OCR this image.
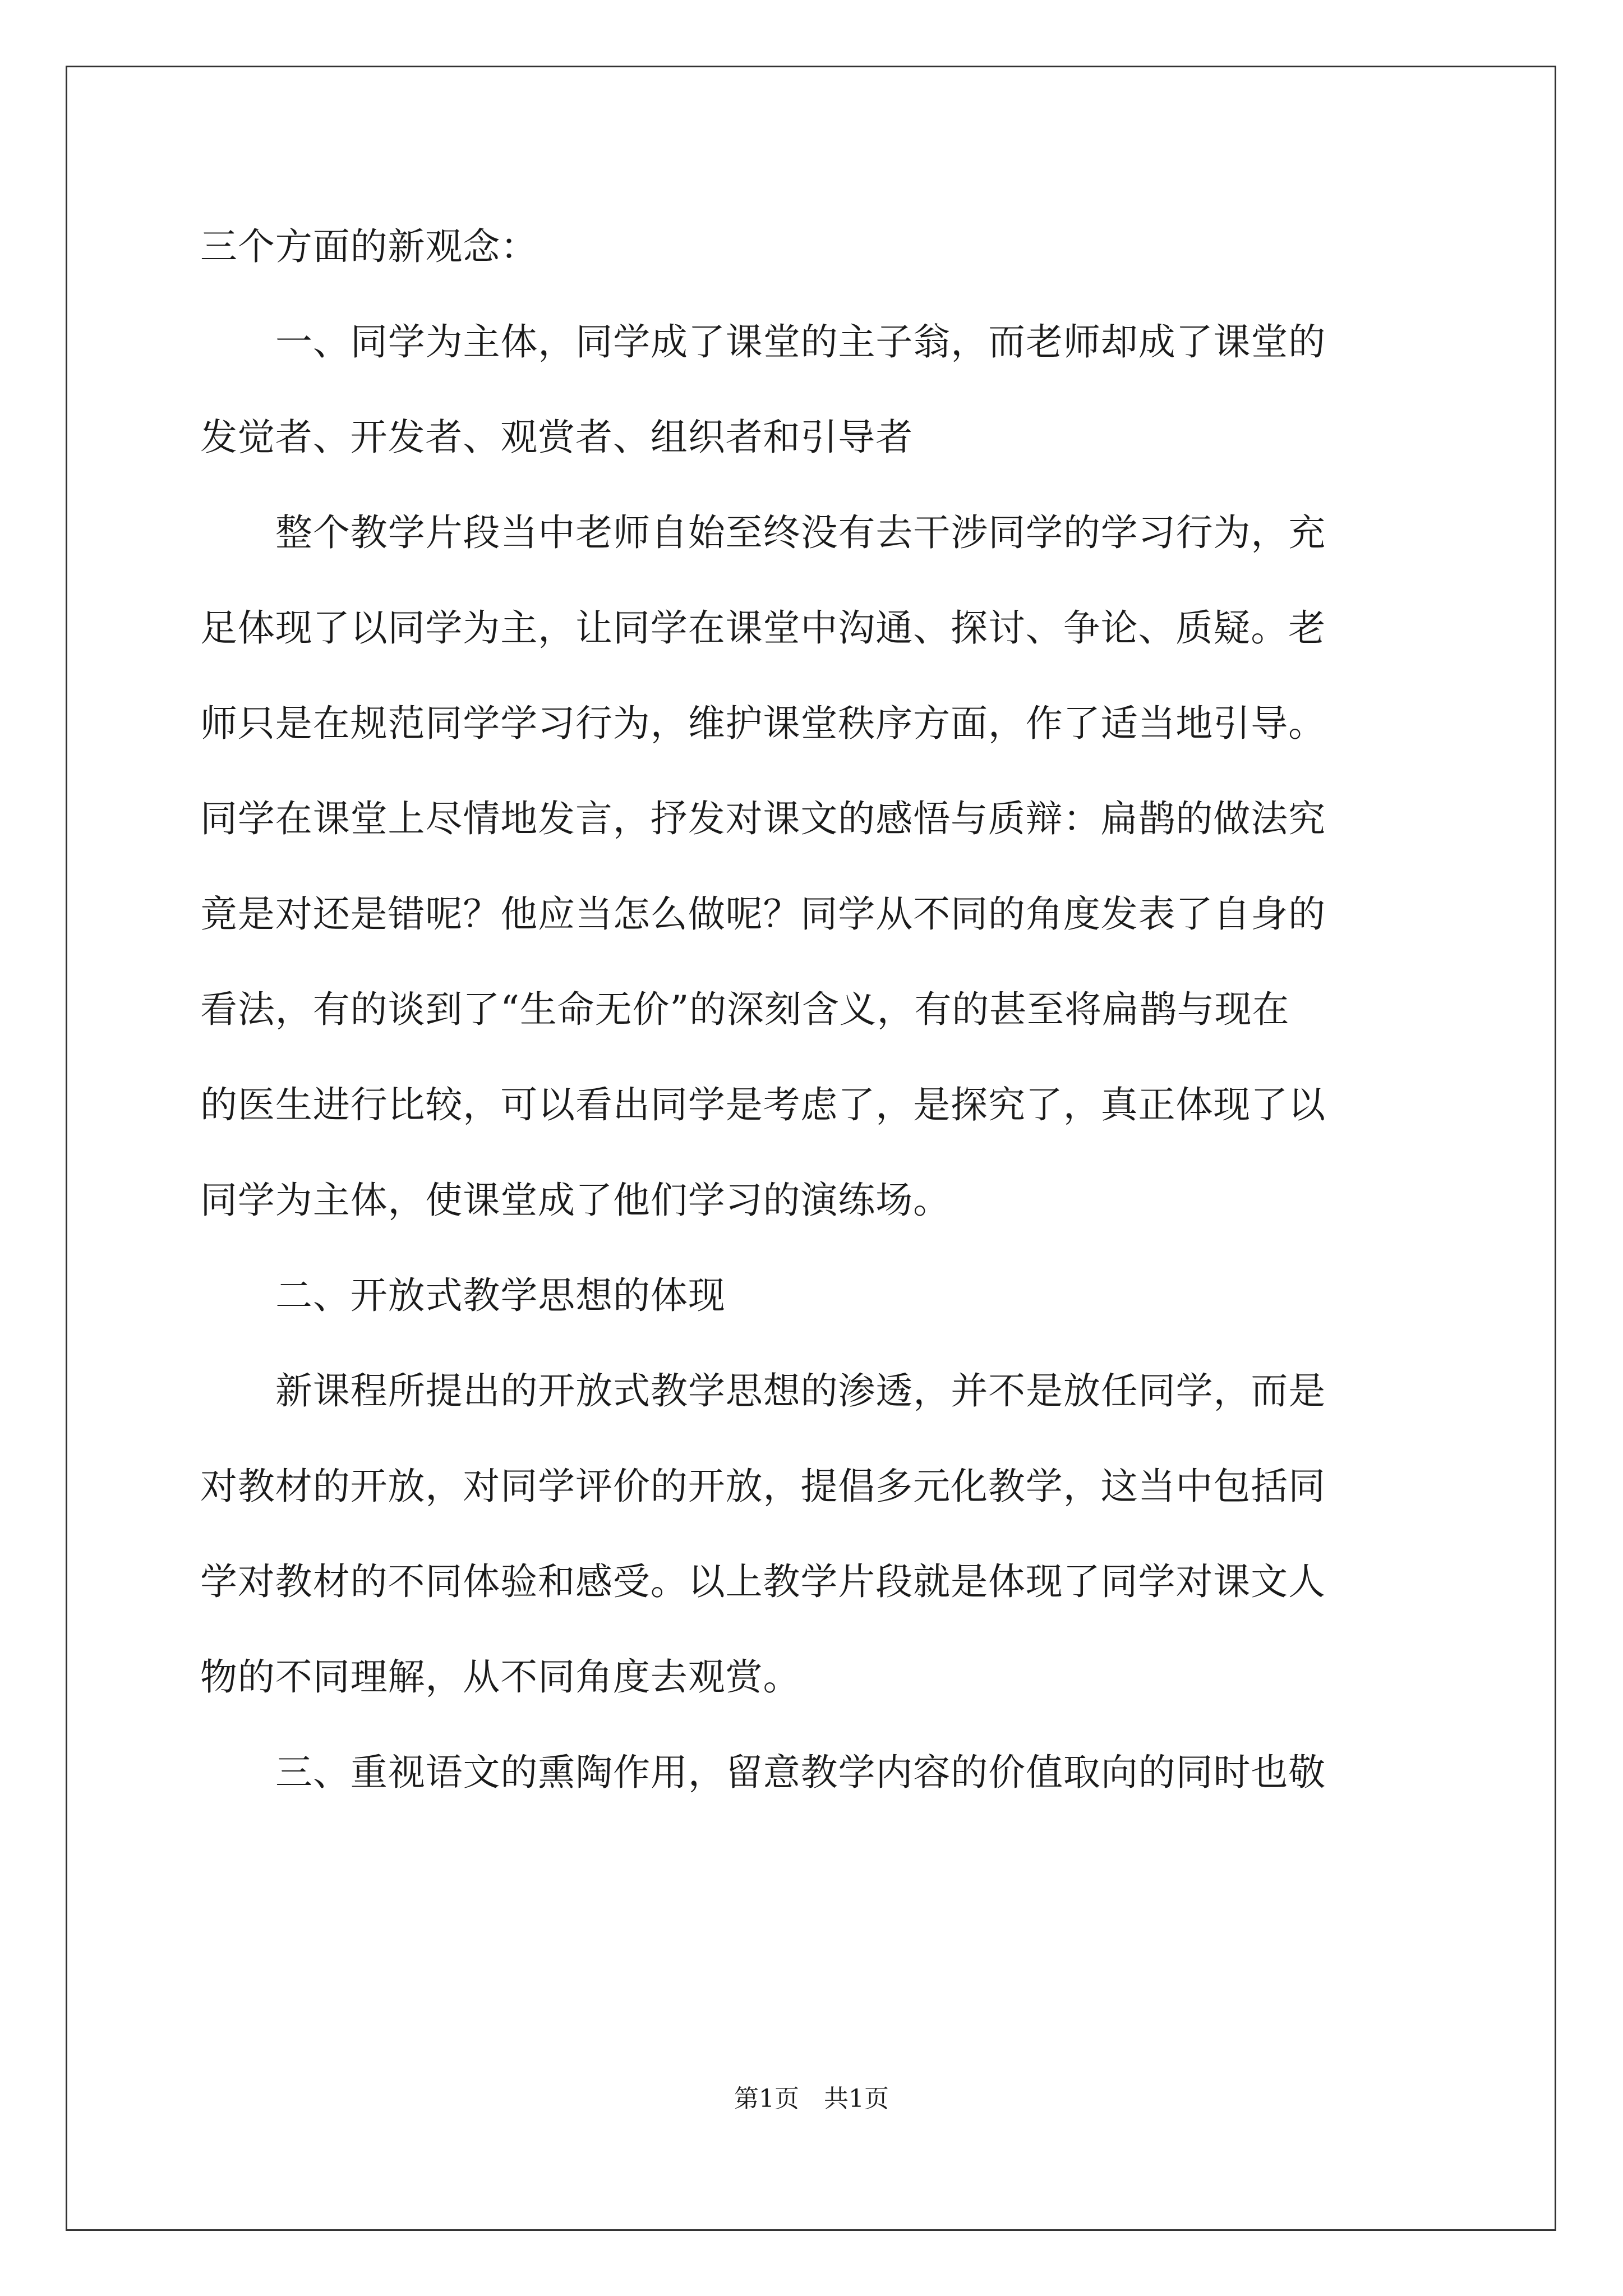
三个方面的新观念：
一、同学为主体，同学成了课堂的主子翁，而老师却成了课堂的
发觉者、开发者、观赏者、组织者和引导者
整个教学片段当中老师自始至终没有去干涉同学的学习行为，充
足体现了以同学为主，让同学在课堂中沟通、探讨、争论、质疑。老
师只是在规范同学学习行为，维护课堂秩序方面，作了适当地引导。
同学在课堂上尽情地发言，抒发对课文的感悟与质辩：扁鹊的做法究
竟是对还是错呢？他应当怎么做呢？同学从不同的角度发表了自身的
看法，有的谈到了“生命无价”的深刻含义，有的甚至将扁鹊与现在
的医生进行比较，可以看出同学是考虑了，是探究了，真正体现了以
同学为主体，使课堂成了他们学习的演练场。
二、开放式教学思想的体现
新课程所提出的开放式教学思想的渗透，并不是放任同学，而是
对教材的开放，对同学评价的开放，提倡多元化教学，这当中包括同
学对教材的不同体验和感受。以上教学片段就是体现了同学对课文人
物的不同理解，从不同角度去观赏。
三、重视语文的熏陶作用，留意教学内容的价值取向的同时也敬
第1页　共1页
